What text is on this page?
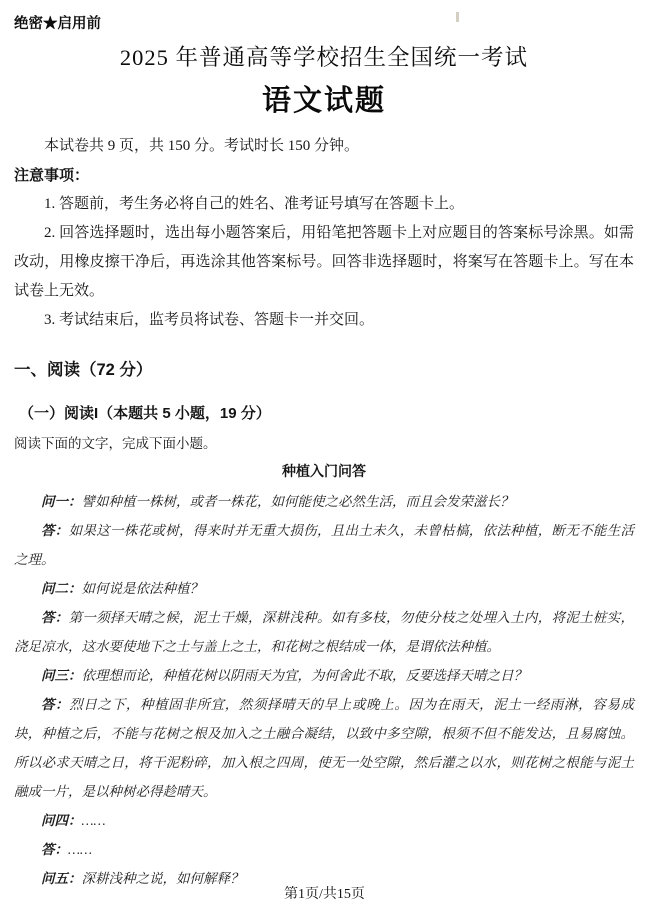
绝密★启用前
2025 年普通高等学校招生全国统一考试
语文试题

本试卷共 9 页，共 150 分。考试时长 150 分钟。

注意事项：

1. 答题前，考生务必将自己的姓名、准考证号填写在答题卡上。

2. 回答选择题时，选出每小题答案后，用铅笔把答题卡上对应题目的答案标号涂黑。如需改动，用橡皮擦干净后，再选涂其他答案标号。回答非选择题时，将案写在答题卡上。写在本试卷上无效。

3. 考试结束后，监考员将试卷、答题卡一并交回。

一、阅读（72 分）

（一）阅读I（本题共 5 小题，19 分）

阅读下面的文字，完成下面小题。

种植入门问答

问一：譬如种植一株树，或者一株花，如何能使之必然生活，而且会发荣滋长？

答：如果这一株花或树，得来时并无重大损伤，且出土未久，未曾枯槁，依法种植，断无不能生活之理。

问二：如何说是依法种植？

答：第一须择天晴之候，泥土干燥，深耕浅种。如有多枝，勿使分枝之处埋入土内，将泥土桩实，浇足凉水，这水要使地下之土与盖上之土，和花树之根结成一体，是谓依法种植。

问三：依理想而论，种植花树以阴雨天为宜，为何舍此不取，反要选择天晴之日？

答：烈日之下，种植固非所宜，然须择晴天的早上或晚上。因为在雨天，泥土一经雨淋，容易成块，种植之后，不能与花树之根及加入之土融合凝结，以致中多空隙，根须不但不能发达，且易腐蚀。所以必求天晴之日，将干泥粉碎，加入根之四周，使无一处空隙，然后灌之以水，则花树之根能与泥土融成一片，是以种树必得趁晴天。

问四：……

答：……

问五：深耕浅种之说，如何解释？

第1页/共15页
